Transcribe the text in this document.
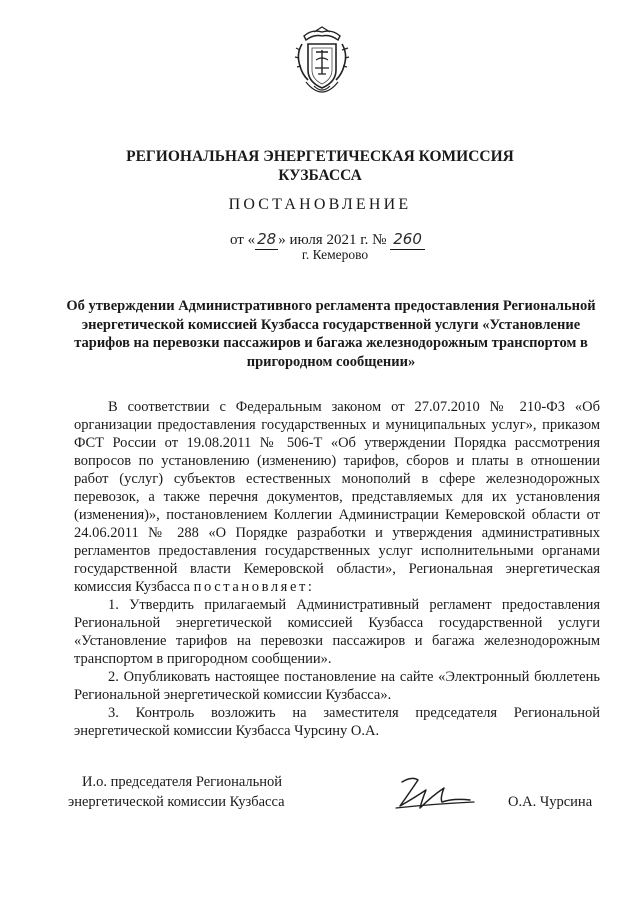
РЕГИОНАЛЬНАЯ ЭНЕРГЕТИЧЕСКАЯ КОМИССИЯ
КУЗБАССА
ПОСТАНОВЛЕНИЕ
от « 28 » июля 2021 г. № 260
г. Кемерово
Об утверждении Административного регламента предоставления Региональной энергетической комиссией Кузбасса государственной услуги «Установление тарифов на перевозки пассажиров и багажа железнодорожным транспортом в пригородном сообщении»

В соответствии с Федеральным законом от 27.07.2010 № 210-ФЗ «Об организации предоставления государственных и муниципальных услуг», приказом ФСТ России от 19.08.2011 № 506-Т «Об утверждении Порядка рассмотрения вопросов по установлению (изменению) тарифов, сборов и платы в отношении работ (услуг) субъектов естественных монополий в сфере железнодорожных перевозок, а также перечня документов, представляемых для их установления (изменения)», постановлением Коллегии Администрации Кемеровской области от 24.06.2011 № 288 «О Порядке разработки и утверждения административных регламентов предоставления государственных услуг исполнительными органами государственной власти Кемеровской области», Региональная энергетическая комиссия Кузбасса постановляет:

1. Утвердить прилагаемый Административный регламент предоставления Региональной энергетической комиссией Кузбасса государственной услуги «Установление тарифов на перевозки пассажиров и багажа железнодорожным транспортом в пригородном сообщении».

2. Опубликовать настоящее постановление на сайте «Электронный бюллетень Региональной энергетической комиссии Кузбасса».

3. Контроль возложить на заместителя председателя Региональной энергетической комиссии Кузбасса Чурсину О.А.

И.о. председателя Региональной
энергетической комиссии Кузбасса	О.А. Чурсина
